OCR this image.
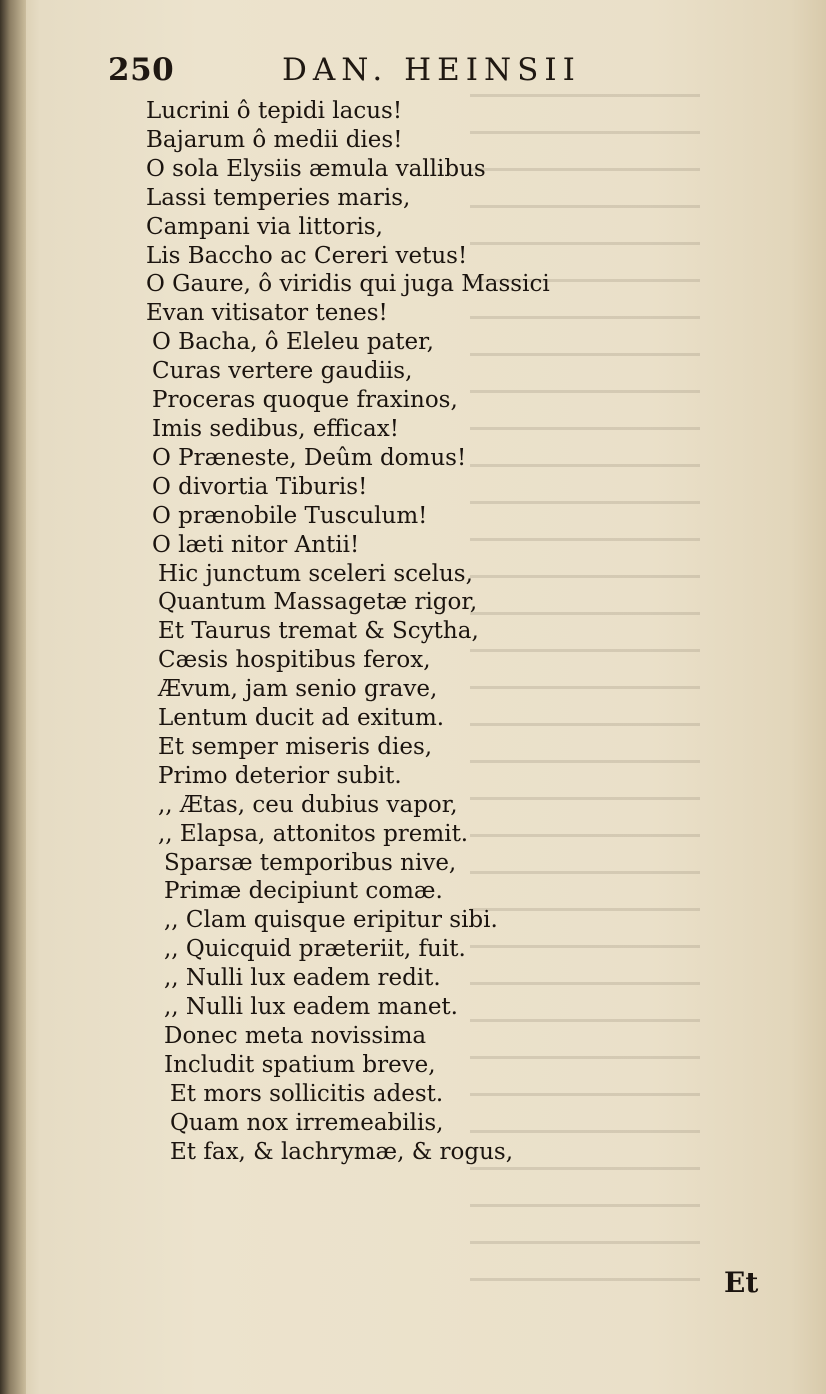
250	DAN. HEINSII
Lucrini ô tepidi lacus!
Bajarum ô medii dies!
O sola Elysiis æmula vallibus
Lassi temperies maris,
Campani via littoris,
Lis Baccho ac Cereri vetus!
O Gaure, ô viridis qui juga Massici
Evan vitisator tenes!
O Bacha, ô Eleleu pater,
Curas vertere gaudiis,
Proceras quoque fraxinos,
Imis sedibus, efficax!
O Præneste, Deûm domus!
O divortia Tiburis!
O prænobile Tusculum!
O læti nitor Antii!
Hic junctum sceleri scelus,
Quantum Massagetæ rigor,
Et Taurus tremat & Scytha,
Cæsis hospitibus ferox,
Ævum, jam senio grave,
Lentum ducit ad exitum.
Et semper miseris dies,
Primo deterior subit.
,, Ætas, ceu dubius vapor,
,, Elapsa, attonitos premit.
Sparsæ temporibus nive,
Primæ decipiunt comæ.
,, Clam quisque eripitur sibi.
,, Quicquid præteriit, fuit.
,, Nulli lux eadem redit.
,, Nulli lux eadem manet.
Donec meta novissima
Includit spatium breve,
Et mors sollicitis adest.
Quam nox irremeabilis,
Et fax, & lachrymæ, & rogus,
Et
